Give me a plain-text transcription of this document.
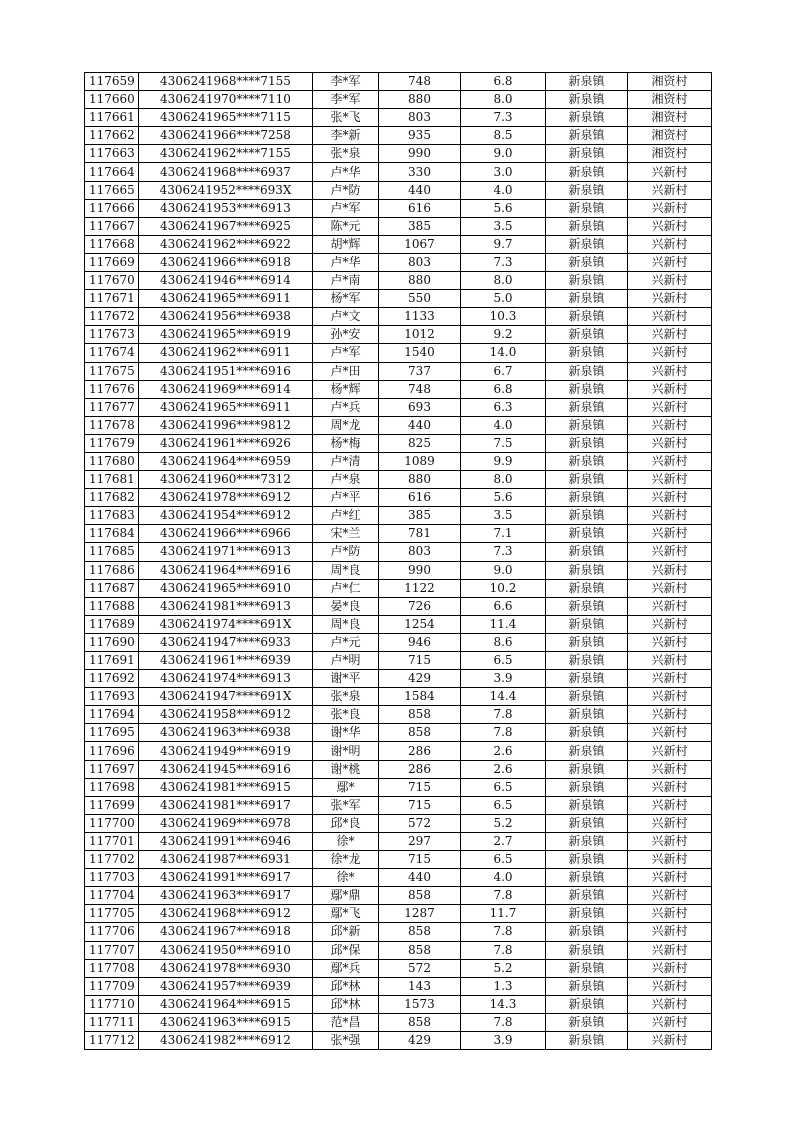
117659	4306241968****7155	李*军	748	6.8	新泉镇	湘资村
117660	4306241970****7110	李*军	880	8.0	新泉镇	湘资村
117661	4306241965****7115	张*飞	803	7.3	新泉镇	湘资村
117662	4306241966****7258	李*新	935	8.5	新泉镇	湘资村
117663	4306241962****7155	张*泉	990	9.0	新泉镇	湘资村
117664	4306241968****6937	卢*华	330	3.0	新泉镇	兴新村
117665	4306241952****693X	卢*防	440	4.0	新泉镇	兴新村
117666	4306241953****6913	卢*军	616	5.6	新泉镇	兴新村
117667	4306241967****6925	陈*元	385	3.5	新泉镇	兴新村
117668	4306241962****6922	胡*辉	1067	9.7	新泉镇	兴新村
117669	4306241966****6918	卢*华	803	7.3	新泉镇	兴新村
117670	4306241946****6914	卢*南	880	8.0	新泉镇	兴新村
117671	4306241965****6911	杨*军	550	5.0	新泉镇	兴新村
117672	4306241956****6938	卢*文	1133	10.3	新泉镇	兴新村
117673	4306241965****6919	孙*安	1012	9.2	新泉镇	兴新村
117674	4306241962****6911	卢*军	1540	14.0	新泉镇	兴新村
117675	4306241951****6916	卢*田	737	6.7	新泉镇	兴新村
117676	4306241969****6914	杨*辉	748	6.8	新泉镇	兴新村
117677	4306241965****6911	卢*兵	693	6.3	新泉镇	兴新村
117678	4306241996****9812	周*龙	440	4.0	新泉镇	兴新村
117679	4306241961****6926	杨*梅	825	7.5	新泉镇	兴新村
117680	4306241964****6959	卢*清	1089	9.9	新泉镇	兴新村
117681	4306241960****7312	卢*泉	880	8.0	新泉镇	兴新村
117682	4306241978****6912	卢*平	616	5.6	新泉镇	兴新村
117683	4306241954****6912	卢*红	385	3.5	新泉镇	兴新村
117684	4306241966****6966	宋*兰	781	7.1	新泉镇	兴新村
117685	4306241971****6913	卢*防	803	7.3	新泉镇	兴新村
117686	4306241964****6916	周*良	990	9.0	新泉镇	兴新村
117687	4306241965****6910	卢*仁	1122	10.2	新泉镇	兴新村
117688	4306241981****6913	晏*良	726	6.6	新泉镇	兴新村
117689	4306241974****691X	周*良	1254	11.4	新泉镇	兴新村
117690	4306241947****6933	卢*元	946	8.6	新泉镇	兴新村
117691	4306241961****6939	卢*明	715	6.5	新泉镇	兴新村
117692	4306241974****6913	谢*平	429	3.9	新泉镇	兴新村
117693	4306241947****691X	张*泉	1584	14.4	新泉镇	兴新村
117694	4306241958****6912	张*良	858	7.8	新泉镇	兴新村
117695	4306241963****6938	谢*华	858	7.8	新泉镇	兴新村
117696	4306241949****6919	谢*明	286	2.6	新泉镇	兴新村
117697	4306241945****6916	谢*桃	286	2.6	新泉镇	兴新村
117698	4306241981****6915	鄢*	715	6.5	新泉镇	兴新村
117699	4306241981****6917	张*军	715	6.5	新泉镇	兴新村
117700	4306241969****6978	邱*良	572	5.2	新泉镇	兴新村
117701	4306241991****6946	徐*	297	2.7	新泉镇	兴新村
117702	4306241987****6931	徐*龙	715	6.5	新泉镇	兴新村
117703	4306241991****6917	徐*	440	4.0	新泉镇	兴新村
117704	4306241963****6917	鄢*鼎	858	7.8	新泉镇	兴新村
117705	4306241968****6912	鄢*飞	1287	11.7	新泉镇	兴新村
117706	4306241967****6918	邱*新	858	7.8	新泉镇	兴新村
117707	4306241950****6910	邱*保	858	7.8	新泉镇	兴新村
117708	4306241978****6930	鄢*兵	572	5.2	新泉镇	兴新村
117709	4306241957****6939	邱*林	143	1.3	新泉镇	兴新村
117710	4306241964****6915	邱*林	1573	14.3	新泉镇	兴新村
117711	4306241963****6915	范*昌	858	7.8	新泉镇	兴新村
117712	4306241982****6912	张*强	429	3.9	新泉镇	兴新村
